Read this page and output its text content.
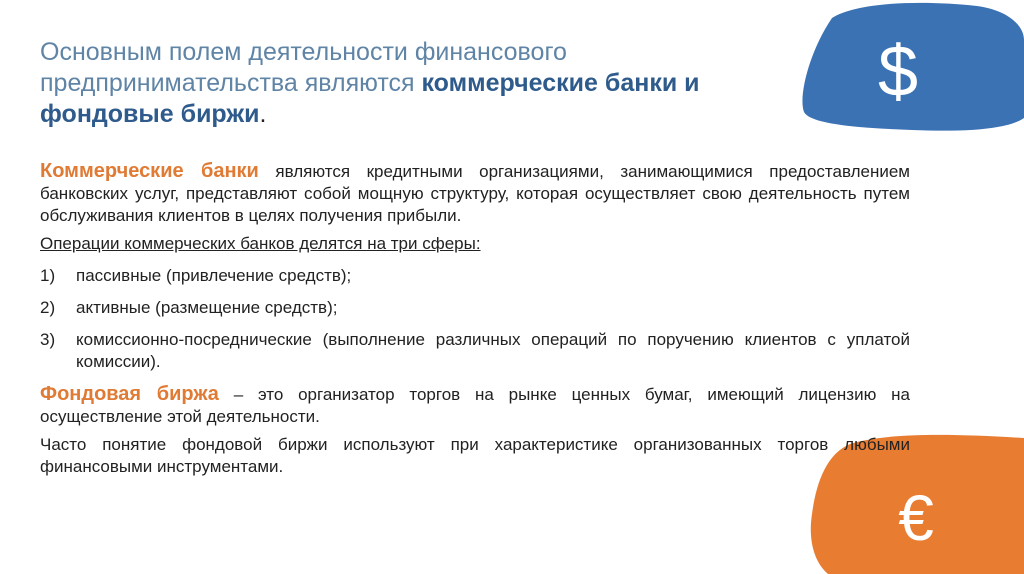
$
€
Основным полем деятельности финансового предпринимательства являются коммерческие банки и фондовые биржи.

Коммерческие банки являются кредитными организациями, занимающимися предоставлением банковских услуг, представляют собой мощную структуру, которая осуществляет свою деятельность путем обслуживания клиентов в целях получения прибыли.

Операции коммерческих банков делятся на три сферы:

1)	пассивные (привлечение средств);
2)	активные (размещение средств);
3)	комиссионно-посреднические (выполнение различных операций по поручению клиентов с уплатой комиссии).

Фондовая биржа – это организатор торгов на рынке ценных бумаг, имеющий лицензию на осуществление этой деятельности.

Часто понятие фондовой биржи используют при характеристике организованных торгов любыми финансовыми инструментами.
